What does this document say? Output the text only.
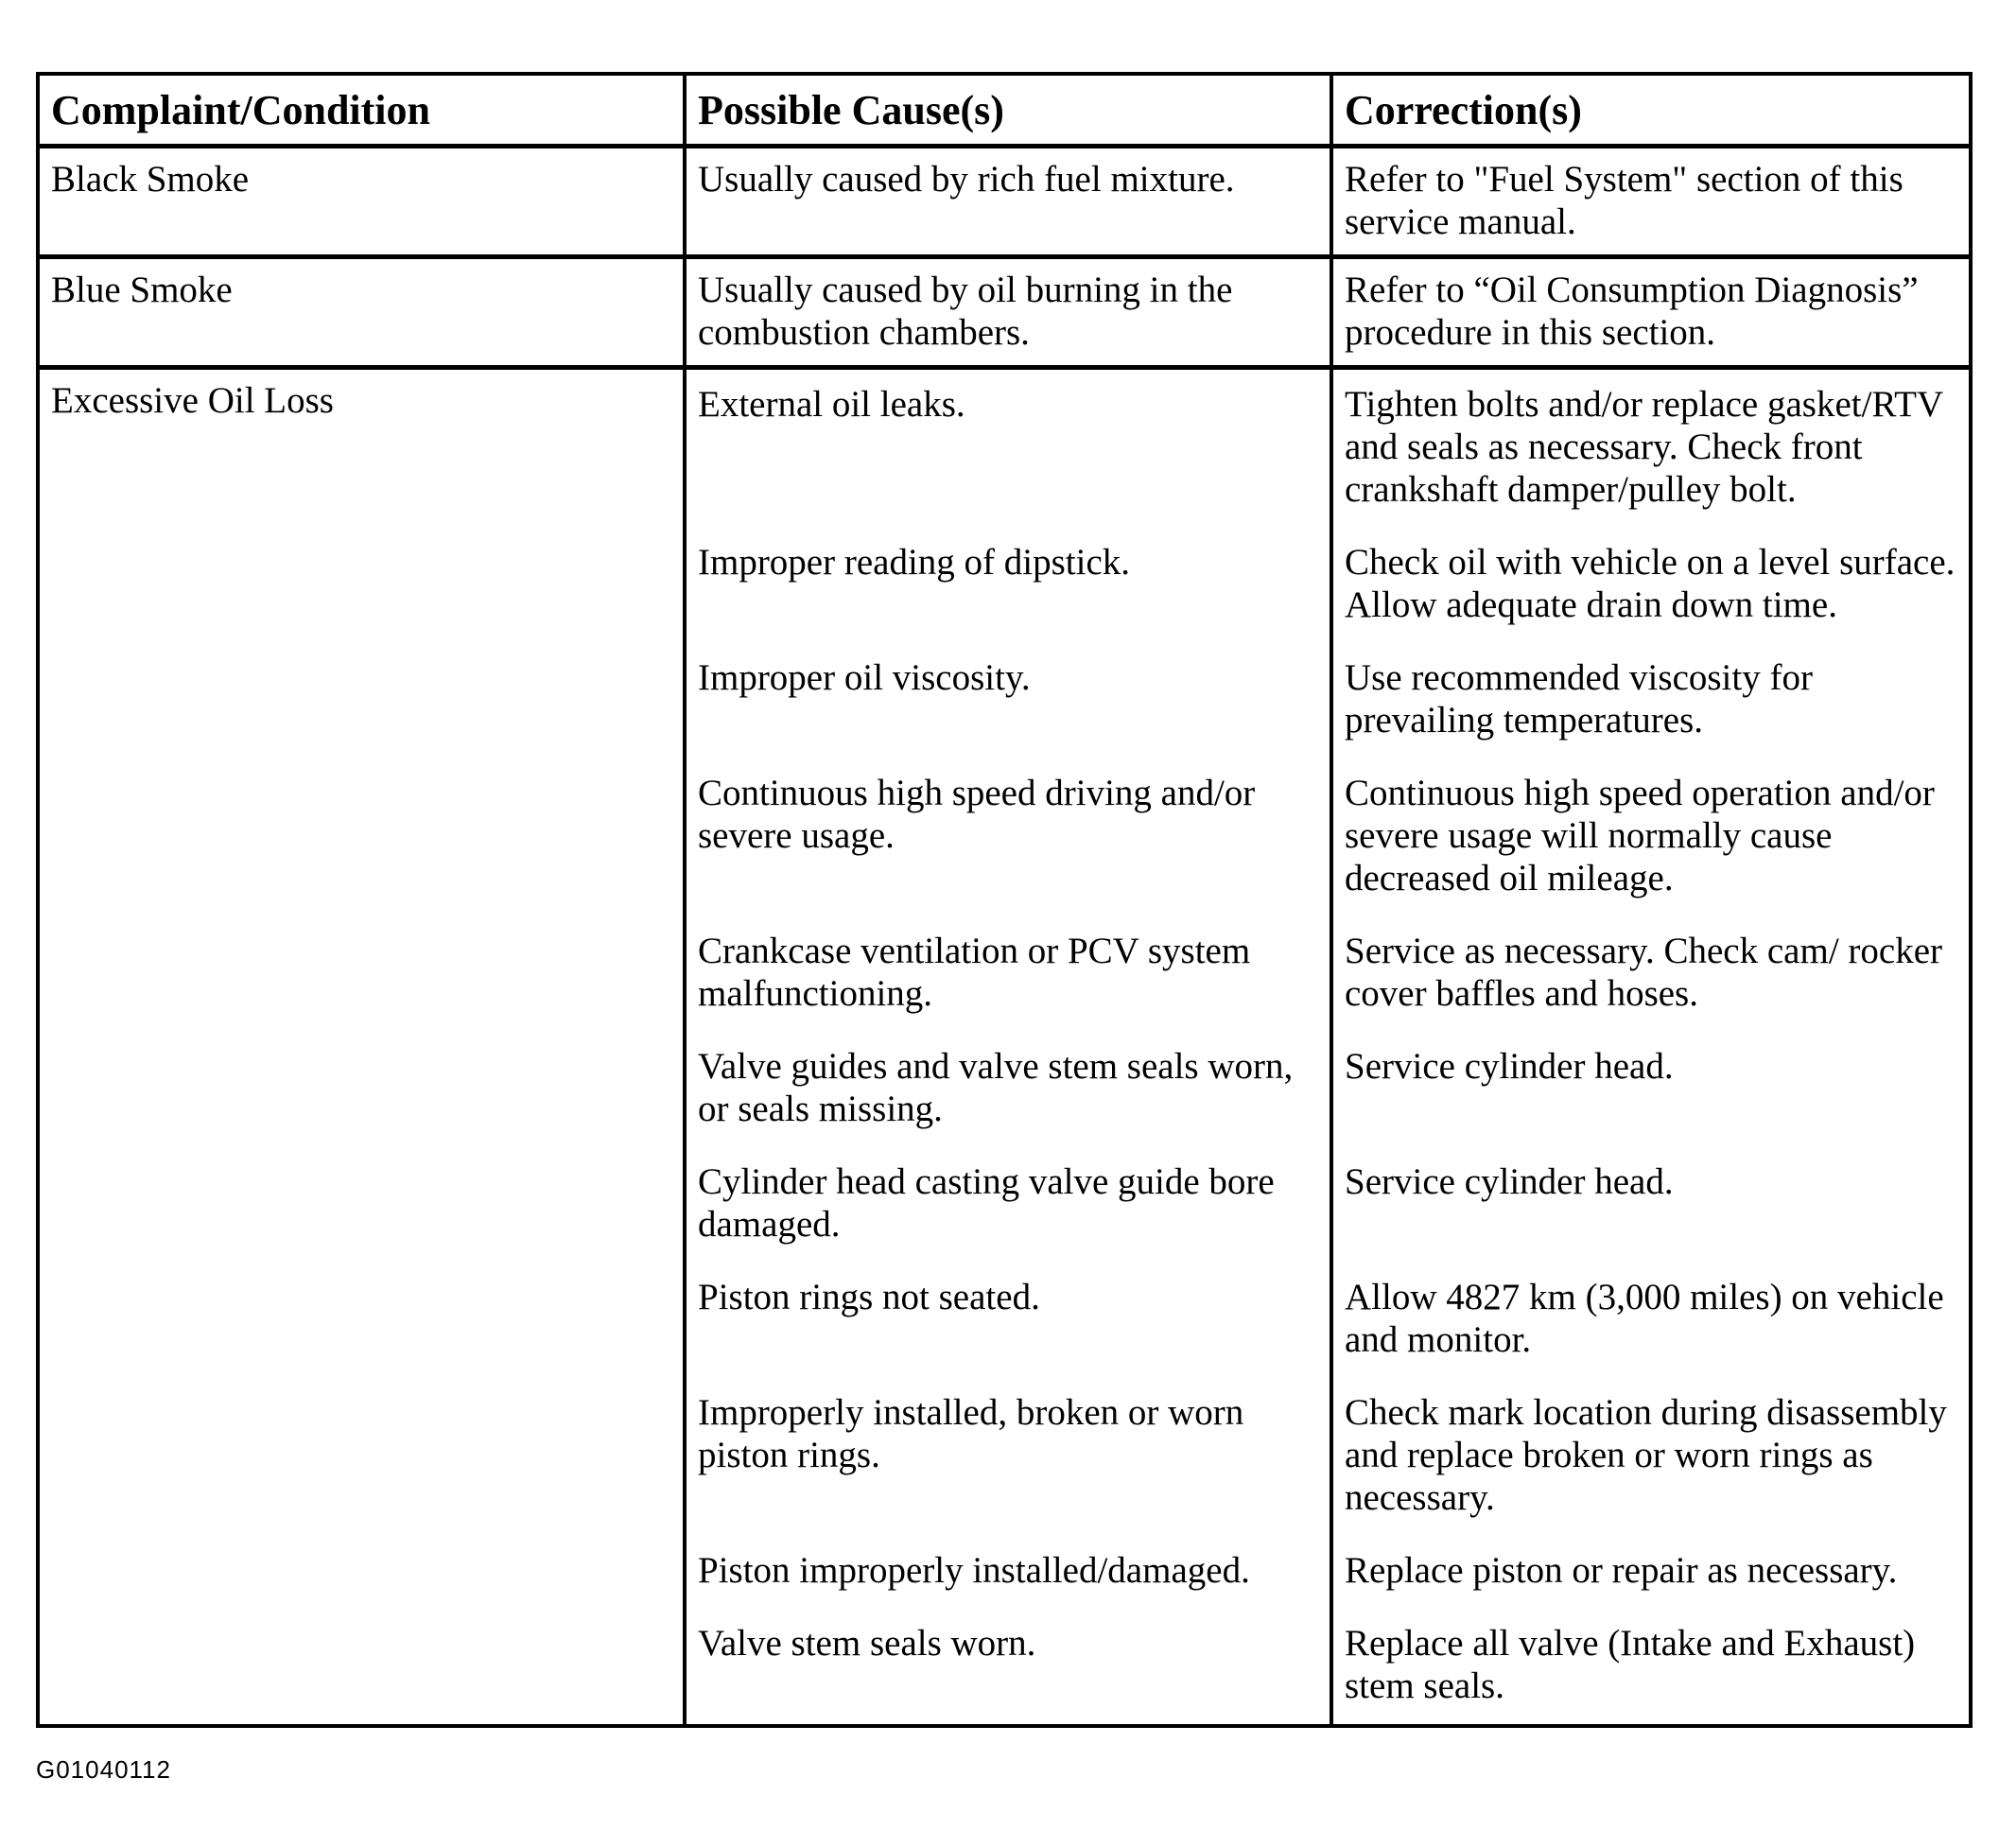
Complaint/Condition	Possible Cause(s)	Correction(s)
Black Smoke	Usually caused by rich fuel mixture.	Refer to "Fuel System" section of this service manual.
Blue Smoke	Usually caused by oil burning in the combustion chambers.	Refer to “Oil Consumption Diagnosis” procedure in this section.
Excessive Oil Loss	External oil leaks.	Tighten bolts and/or replace gasket/RTV and seals as necessary. Check front crankshaft damper/pulley bolt.
	Improper reading of dipstick.	Check oil with vehicle on a level surface. Allow adequate drain down time.
	Improper oil viscosity.	Use recommended viscosity for prevailing temperatures.
	Continuous high speed driving and/or severe usage.	Continuous high speed operation and/or severe usage will normally cause decreased oil mileage.
	Crankcase ventilation or PCV system malfunctioning.	Service as necessary. Check cam/ rocker cover baffles and hoses.
	Valve guides and valve stem seals worn, or seals missing.	Service cylinder head.
	Cylinder head casting valve guide bore damaged.	Service cylinder head.
	Piston rings not seated.	Allow 4827 km (3,000 miles) on vehicle and monitor.
	Improperly installed, broken or worn piston rings.	Check mark location during disassembly and replace broken or worn rings as necessary.
	Piston improperly installed/damaged.	Replace piston or repair as necessary.
	Valve stem seals worn.	Replace all valve (Intake and Exhaust) stem seals.
G01040112
